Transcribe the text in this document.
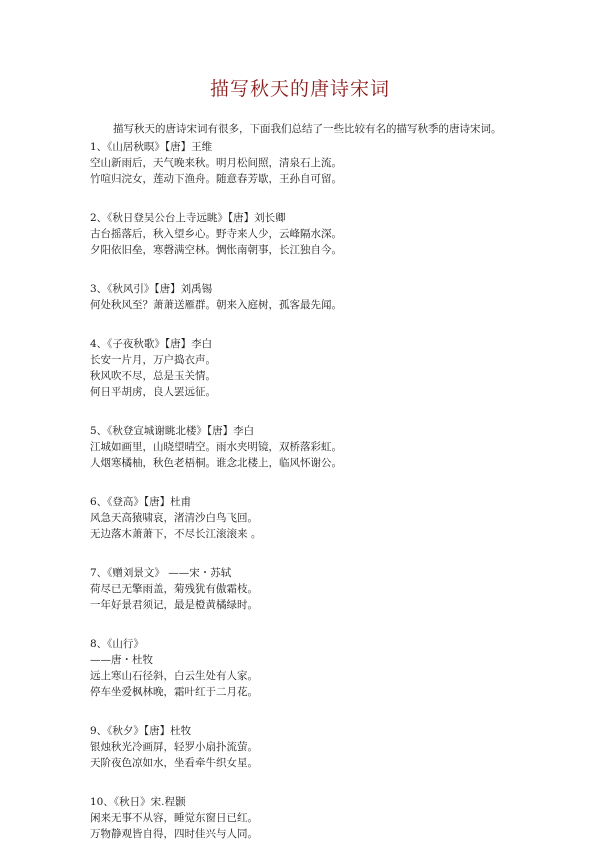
描写秋天的唐诗宋词
描写秋天的唐诗宋词有很多，下面我们总结了一些比较有名的描写秋季的唐诗宋词。
1、《山居秋暝》【唐】王维
空山新雨后，天气晚来秋。明月松间照，清泉石上流。
竹喧归浣女，莲动下渔舟。随意春芳歇，王孙自可留。
2、《秋日登吴公台上寺远眺》【唐】刘长卿
古台摇落后，秋入望乡心。野寺来人少，云峰隔水深。
夕阳依旧垒，寒磬满空林。惆怅南朝事，长江独自今。
3、《秋风引》【唐】刘禹锡
何处秋风至？萧萧送雁群。朝来入庭树，孤客最先闻。
4、《子夜秋歌》【唐】李白
长安一片月，万户捣衣声。
秋风吹不尽，总是玉关情。
何日平胡虏，良人罢远征。
5、《秋登宣城谢眺北楼》【唐】李白
江城如画里，山晓望晴空。雨水夹明镜，双桥落彩虹。
人烟寒橘柚，秋色老梧桐。谁念北楼上，临风怀谢公。
6、《登高》【唐】杜甫
风急天高猿啸哀，渚清沙白鸟飞回。
无边落木萧萧下，不尽长江滚滚来 。
7、《赠刘景文》 ——宋・苏轼
荷尽已无擎雨盖，菊残犹有傲霜枝。
一年好景君须记，最是橙黄橘绿时。
8、《山行》
——唐・杜牧
远上寒山石径斜，白云生处有人家。
停车坐爱枫林晚，霜叶红于二月花。
9、《秋夕》【唐】杜牧
银烛秋光冷画屏，轻罗小扇扑流萤。
天阶夜色凉如水，坐看牵牛织女星。
10、《秋日》宋.程颢
闲来无事不从容，睡觉东窗日已红。
万物静观皆自得，四时佳兴与人同。
